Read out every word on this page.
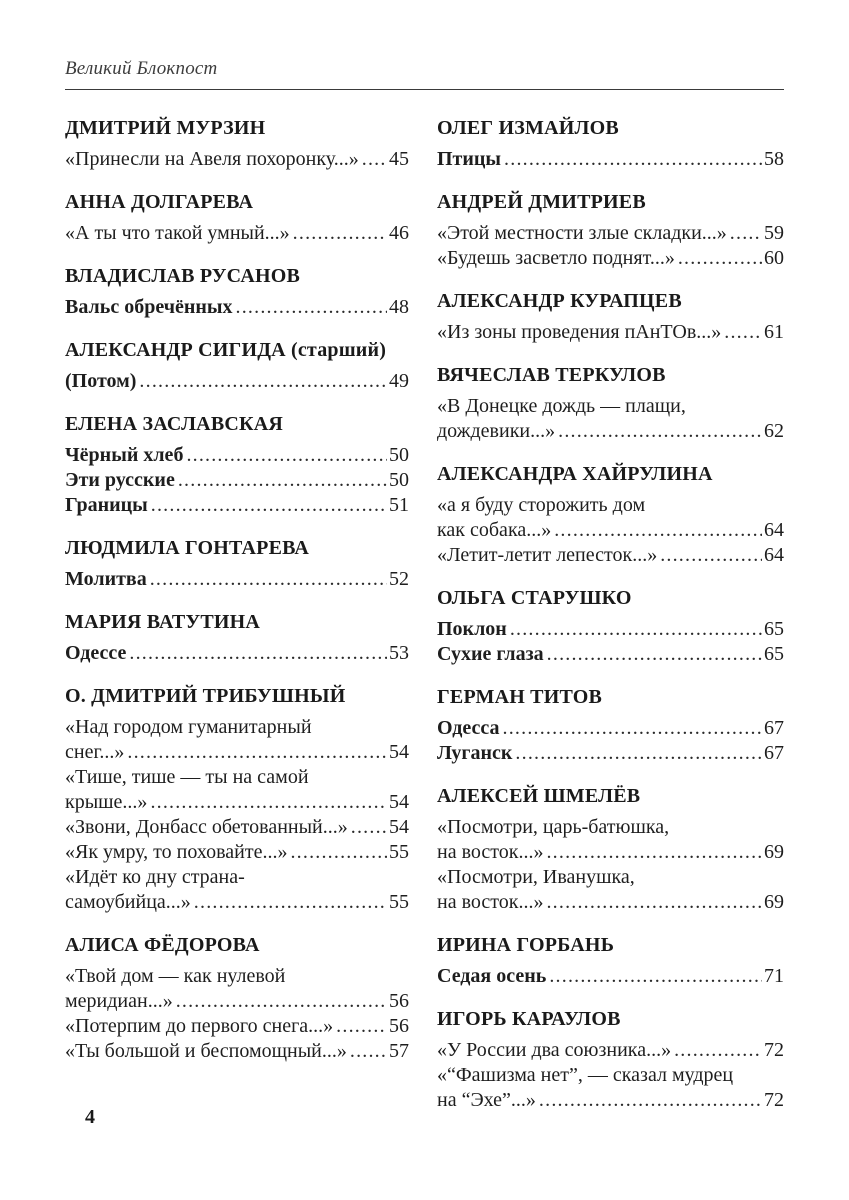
Великий Блокпост
ДМИТРИЙ МУРЗИН
«Принесли на Авеля похоронку...» ..... 45
АННА ДОЛГАРЕВА
«А ты что такой умный...» .....	46
ВЛАДИСЛАВ РУСАНОВ
Вальс обречённых .....	48
АЛЕКСАНДР СИГИДА (старший)
(Потом) .....	49
ЕЛЕНА ЗАСЛАВСКАЯ
Чёрный хлеб .....	50
Эти русские .....	50
Границы .....	51
ЛЮДМИЛА ГОНТАРЕВА
Молитва .....	52
МАРИЯ ВАТУТИНА
Одессе .....	53
О. ДМИТРИЙ ТРИБУШНЫЙ
«Над городом гуманитарный
снег...» .....	54
«Тише, тише — ты на самой
крыше...» .....	54
«Звони, Донбасс обетованный...» ..... 54
«Як умру, то поховайте...» .....	55
«Идёт ко дну страна-
самоубийца...» .....	55
АЛИСА ФЁДОРОВА
«Твой дом — как нулевой
меридиан...» .....	56
«Потерпим до первого снега...» .....	56
«Ты большой и беспомощный...» ..... 57
ОЛЕГ ИЗМАЙЛОВ
Птицы .....	58
АНДРЕЙ ДМИТРИЕВ
«Этой местности злые складки...» ..... 59
«Будешь засветло поднят...» .....	60
АЛЕКСАНДР КУРАПЦЕВ
«Из зоны проведения пАнТОв...» ..... 61
ВЯЧЕСЛАВ ТЕРКУЛОВ
«В Донецке дождь — плащи,
дождевики...» .....	62
АЛЕКСАНДРА ХАЙРУЛИНА
«а я буду сторожить дом
как собака...» .....	64
«Летит-летит лепесток...» .....	64
ОЛЬГА СТАРУШКО
Поклон .....	65
Сухие глаза .....	65
ГЕРМАН ТИТОВ
Одесса .....	67
Луганск .....	67
АЛЕКСЕЙ ШМЕЛЁВ
«Посмотри, царь-батюшка,
на восток...» .....	69
«Посмотри, Иванушка,
на восток...» .....	69
ИРИНА ГОРБАНЬ
Седая осень .....	71
ИГОРЬ КАРАУЛОВ
«У России два союзника...» .....	72
«“Фашизма нет”, — сказал мудрец
на “Эхе”...» .....	72
4
